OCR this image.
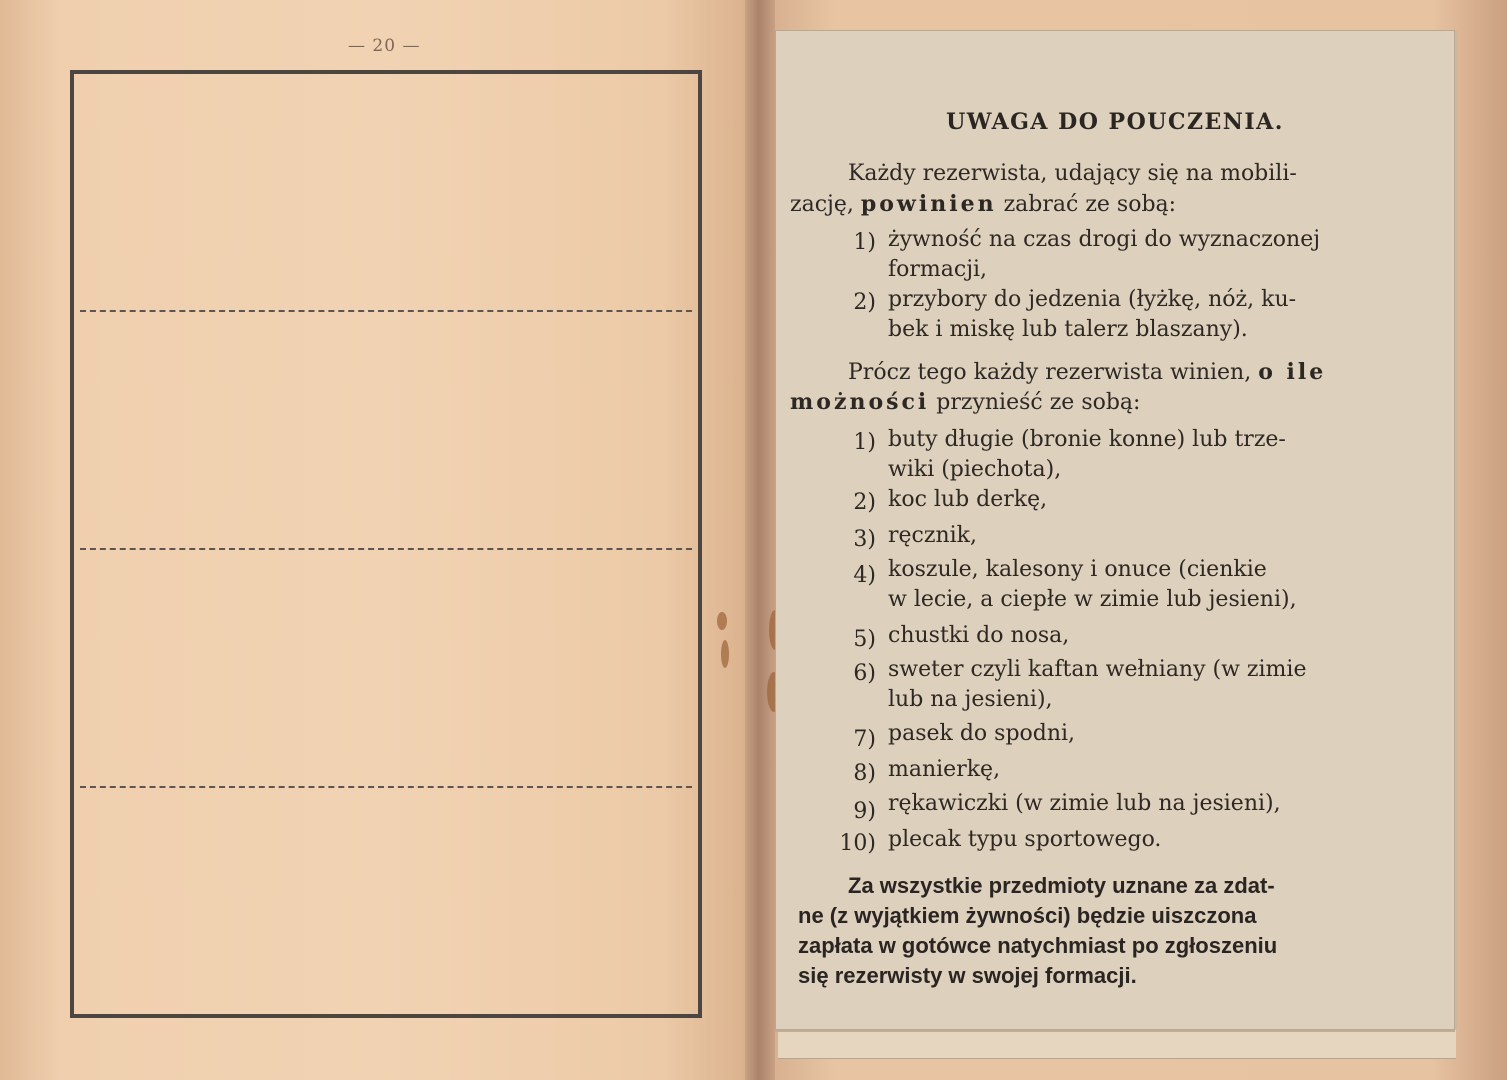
— 20 —
UWAGA DO POUCZENIA.
Każdy rezerwista, udający się na mobili-
zację, powinien zabrać ze sobą:
1) żywność na czas drogi do wyznaczonej
formacji,
2) przybory do jedzenia (łyżkę, nóż, ku-
bek i miskę lub talerz blaszany).
Prócz tego każdy rezerwista winien, o ile
możności przynieść ze sobą:
1) buty długie (bronie konne) lub trze-
wiki (piechota),
2) koc lub derkę,
3) ręcznik,
4) koszule, kalesony i onuce (cienkie
w lecie, a ciepłe w zimie lub jesieni),
5) chustki do nosa,
6) sweter czyli kaftan wełniany (w zimie
lub na jesieni),
7) pasek do spodni,
8) manierkę,
9) rękawiczki (w zimie lub na jesieni),
10) plecak typu sportowego.
Za wszystkie przedmioty uznane za zdat-
ne (z wyjątkiem żywności) będzie uiszczona
zapłata w gotówce natychmiast po zgłoszeniu
się rezerwisty w swojej formacji.
